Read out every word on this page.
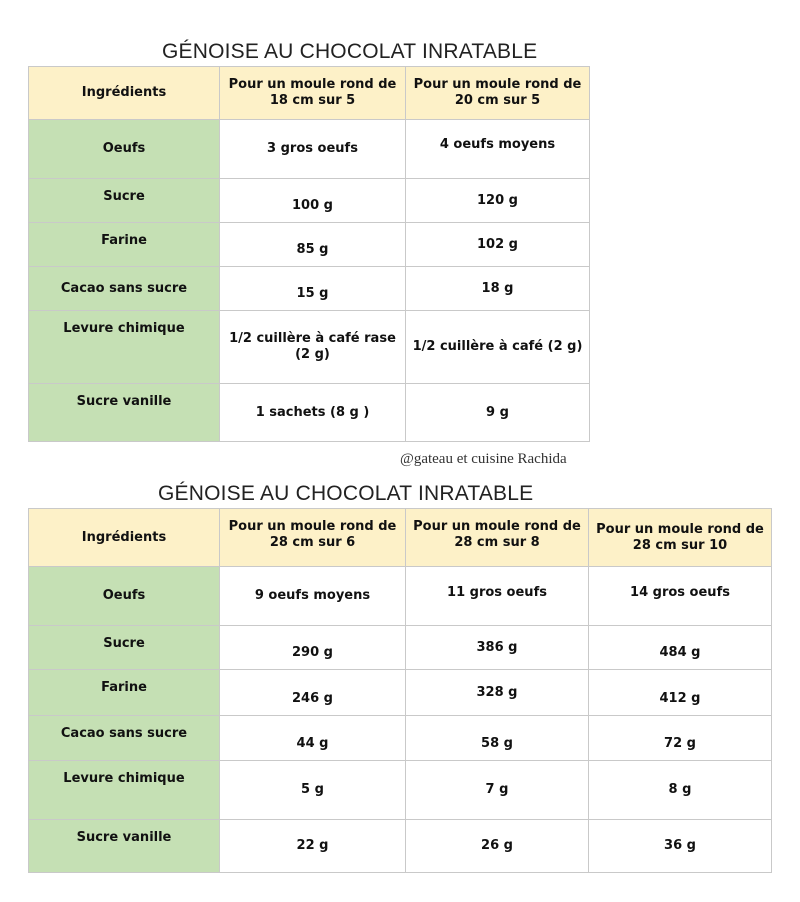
GÉNOISE AU CHOCOLAT INRATABLE
Ingrédients	Pour un moule rond de 18 cm sur 5	Pour un moule rond de 20 cm sur 5
Oeufs	3 gros oeufs	4 oeufs moyens
Sucre	100 g	120 g
Farine	85 g	102 g
Cacao sans sucre	15 g	18 g
Levure chimique	1/2 cuillère à café rase (2 g)	1/2 cuillère à café (2 g)
Sucre vanille	1 sachets (8 g )	9 g
@gateau et cuisine Rachida
GÉNOISE AU CHOCOLAT INRATABLE
Ingrédients	Pour un moule rond de 28 cm sur 6	Pour un moule rond de 28 cm sur 8	Pour un moule rond de 28 cm sur 10
Oeufs	9 oeufs moyens	11 gros oeufs	14 gros oeufs
Sucre	290 g	386 g	484 g
Farine	246 g	328 g	412 g
Cacao sans sucre	44 g	58 g	72 g
Levure chimique	5 g	7 g	8 g
Sucre vanille	22 g	26 g	36 g
